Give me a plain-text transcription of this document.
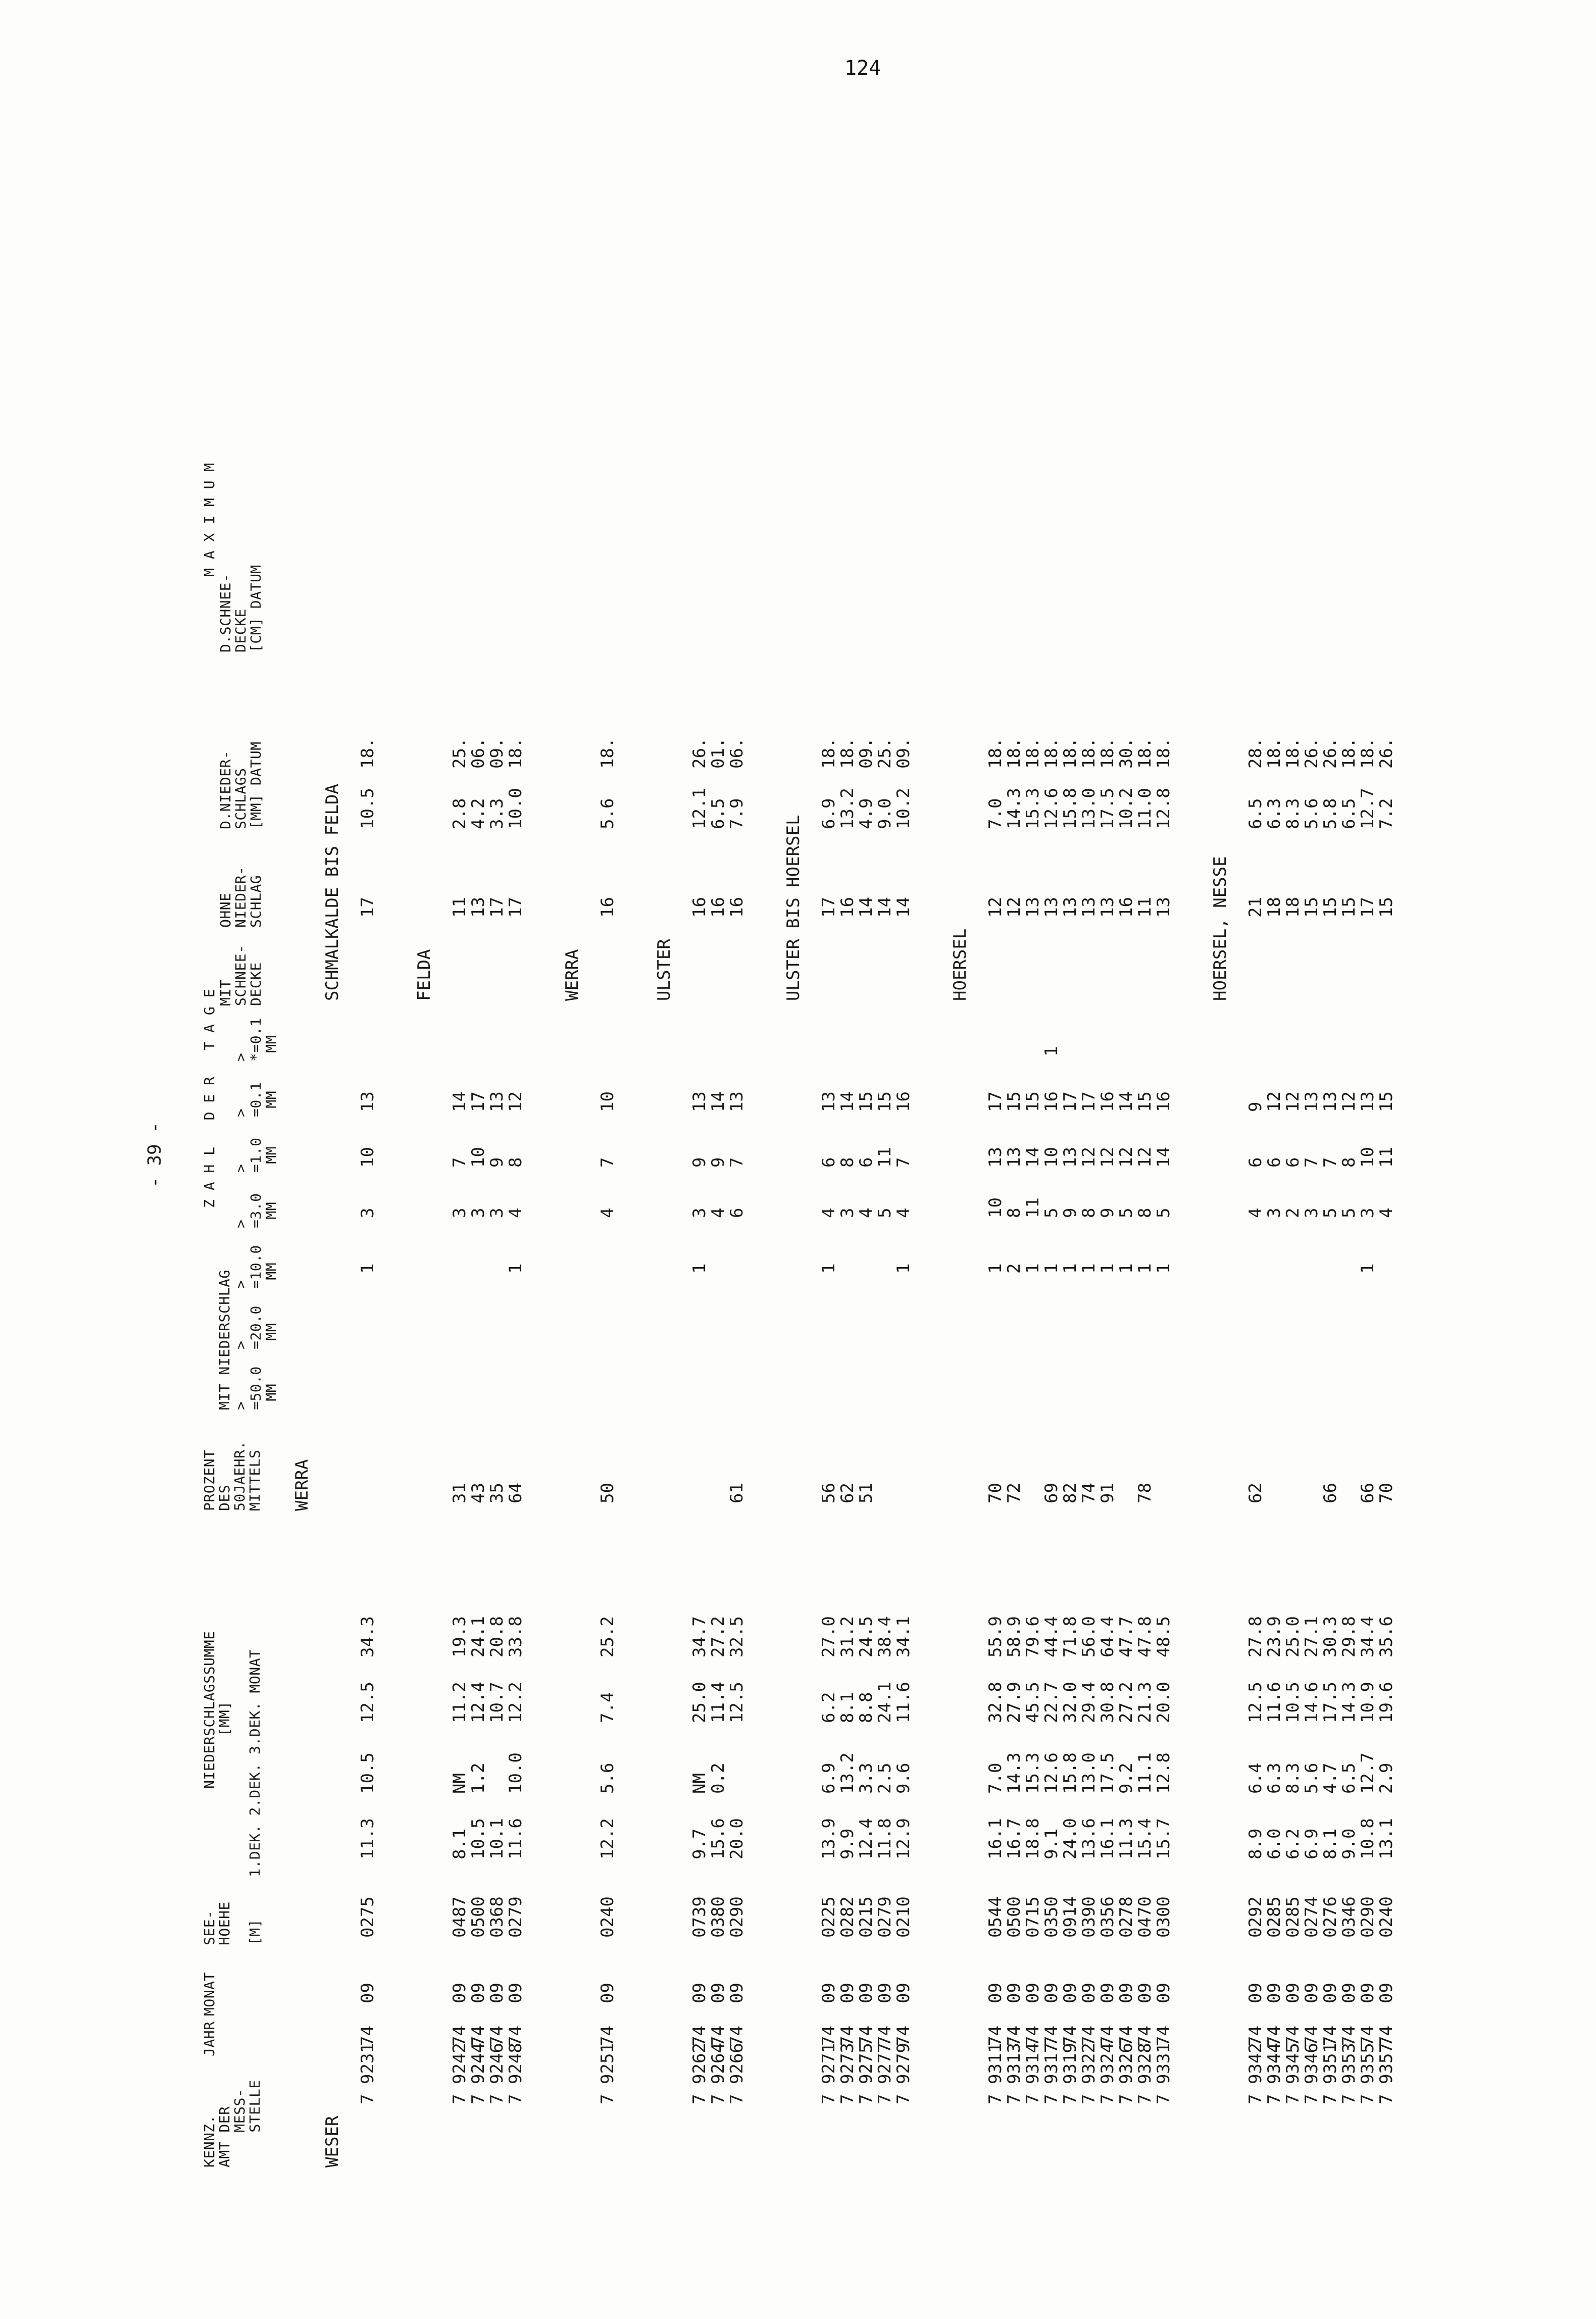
124
- 39 -
KENNZ.
AMT DER
MESS-
STELLE
JAHR
MONAT
SEE-
HOEHE

[M]
NIEDERSCHLAGSSUMME
[MM] 1.DEK. 2.DEK. 3.DEK. MONAT
PROZENT
DES
50JAEHR.
MITTELS
Z A H L   D E R   T A G E
MIT NIEDERSCHLAG >
=50.0
MM
>
=20.0
MM
>
=10.0
MM
>
=3.0
MM
>
=1.0
MM
>
=0.1
MM
>
*=0.1
MM
MIT
SCHNEE-
DECKE
OHNE
NIEDER-
SCHLAG
M A X I M U M
D.NIEDER-
SCHLAGS
[MM] DATUM
D.SCHNEE-
DECKE
[CM] DATUM
WESER
SCHMALKALDE BIS FELDA
WERRA
7
9231
74
09
0275
11.3
10.5
12.5
34.3
1
3
10
13
17
10.5
18.
FELDA
7
9242
74
09
0487
8.1
NM
11.2
19.3
31
3
7
14
11
2.8
25.
7
9244
74
09
0500
10.5
1.2
12.4
24.1
43
3
10
17
13
4.2
06.
7
9246
74
09
0368
10.1
10.7
20.8
35
3
9
13
17
3.3
09.
7
9248
74
09
0279
11.6
10.0
12.2
33.8
64
1
4
8
12
17
10.0
18.
WERRA
7
9251
74
09
0240
12.2
5.6
7.4
25.2
50
4
7
10
16
5.6
18.
ULSTER
7
9262
74
09
0739
9.7
NM
25.0
34.7
1
3
9
13
16
12.1
26.
7
9264
74
09
0380
15.6
0.2
11.4
27.2
4
9
14
16
6.5
01.
7
9266
74
09
0290
20.0
12.5
32.5
61
6
7
13
16
7.9
06.
ULSTER BIS HOERSEL
7
9271
74
09
0225
13.9
6.9
6.2
27.0
56
1
4
6
13
17
6.9
18.
7
9273
74
09
0282
9.9
13.2
8.1
31.2
62
3
8
14
16
13.2
18.
7
9275
74
09
0215
12.4
3.3
8.8
24.5
51
4
6
15
14
4.9
09.
7
9277
74
09
0279
11.8
2.5
24.1
38.4
5
11
15
14
9.0
25.
7
9279
74
09
0210
12.9
9.6
11.6
34.1
1
4
7
16
14
10.2
09.
HOERSEL
7
9311
74
09
0544
16.1
7.0
32.8
55.9
70
1
10
13
17
12
7.0
18.
7
9313
74
09
0500
16.7
14.3
27.9
58.9
72
2
8
13
15
12
14.3
18.
7
9314
74
09
0715
18.8
15.3
45.5
79.6
1
11
14
15
13
15.3
18.
7
9317
74
09
0350
9.1
12.6
22.7
44.4
69
1
5
10
16
1
13
12.6
18.
7
9319
74
09
0914
24.0
15.8
32.0
71.8
82
1
9
13
17
13
15.8
18.
7
9322
74
09
0390
13.6
13.0
29.4
56.0
74
1
8
12
17
13
13.0
18.
7
9324
74
09
0356
16.1
17.5
30.8
64.4
91
1
9
12
16
13
17.5
18.
7
9326
74
09
0278
11.3
9.2
27.2
47.7
1
5
12
14
16
10.2
30.
7
9328
74
09
0470
15.4
11.1
21.3
47.8
78
1
8
12
15
11
11.0
18.
7
9331
74
09
0300
15.7
12.8
20.0
48.5
1
5
14
16
13
12.8
18.
HOERSEL, NESSE
7
9342
74
09
0292
8.9
6.4
12.5
27.8
62
4
6
9
21
6.5
28.
7
9344
74
09
0285
6.0
6.3
11.6
23.9
3
6
12
18
6.3
18.
7
9345
74
09
0285
6.2
8.3
10.5
25.0
2
6
12
18
8.3
18.
7
9346
74
09
0274
6.9
5.6
14.6
27.1
3
7
13
15
5.6
26.
7
9351
74
09
0276
8.1
4.7
17.5
30.3
66
5
7
13
15
5.8
26.
7
9353
74
09
0346
9.0
6.5
14.3
29.8
5
8
12
15
6.5
18.
7
9355
74
09
0290
10.8
12.7
10.9
34.4
66
1
3
10
13
17
12.7
18.
7
9357
74
09
0240
13.1
2.9
19.6
35.6
70
4
11
15
15
7.2
26.
